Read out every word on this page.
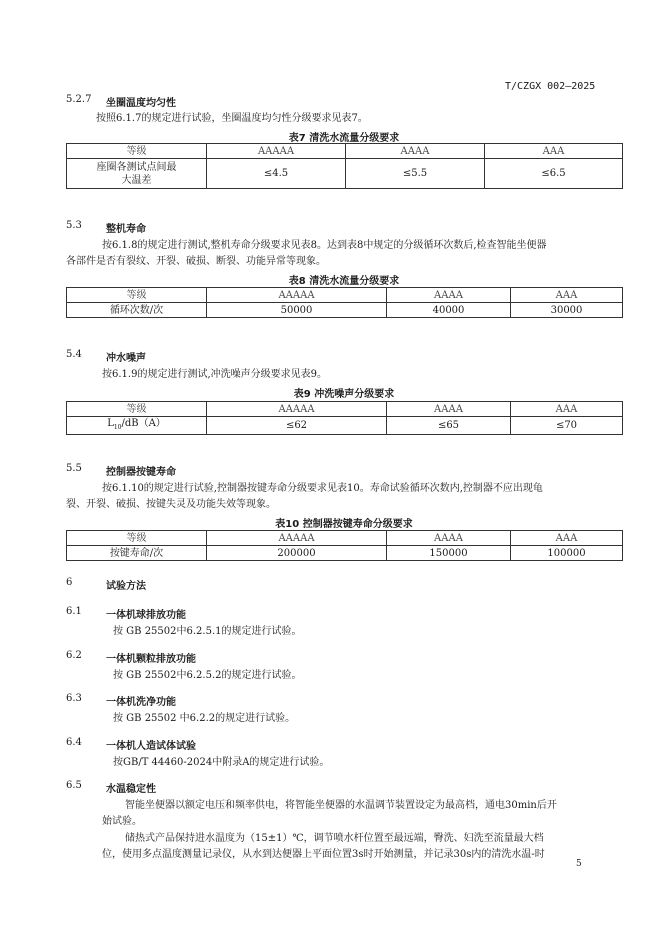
T/CZGX 002—2025
5.2.7 坐圈温度均匀性
按照6.1.7的规定进行试验，坐圈温度均匀性分级要求见表7。
表7 清洗水流量分级要求
等级	AAAAA	AAAA	AAA
座圈各测试点间最
大温差	≤4.5	≤5.5	≤6.5
5.3 整机寿命
按6.1.8的规定进行测试,整机寿命分级要求见表8。达到表8中规定的分级循环次数后,检查智能坐便器
各部件是否有裂纹、开裂、破损、断裂、功能异常等现象。
表8 清洗水流量分级要求
等级	AAAAA	AAAA	AAA
循环次数/次	50000	40000	30000
5.4 冲水噪声
按6.1.9的规定进行测试,冲洗噪声分级要求见表9。
表9 冲洗噪声分级要求
等级	AAAAA	AAAA	AAA
$L_{10}/dB(A)$	≤62	≤65	≤70
5.5 控制器按键寿命
按6.1.10的规定进行试验,控制器按键寿命分级要求见表10。寿命试验循环次数内,控制器不应出现龟
裂、开裂、破损、按键失灵及功能失效等现象。
表10 控制器按键寿命分级要求
等级	AAAAA	AAAA	AAA
按键寿命/次	200000	150000	100000
6	试验方法
6.1 一体机球排放功能
按 GB 25502中6.2.5.1的规定进行试验。
6.2 一体机颗粒排放功能
按 GB 25502中6.2.5.2的规定进行试验。
6.3 一体机洗净功能
按 GB 25502 中6.2.2的规定进行试验。
6.4 一体机人造试体试验
按GB/T 44460-2024中附录A的规定进行试验。
6.5 水温稳定性
智能坐便器以额定电压和频率供电，将智能坐便器的水温调节装置设定为最高档，通电30min后开
始试验。
储热式产品保持进水温度为（15±1）℃，调节喷水杆位置至最远端，臀洗、妇洗至流量最大档
位，使用多点温度测量记录仪，从水到达便器上平面位置3s时开始测量，并记录30s内的清洗水温-时
5
